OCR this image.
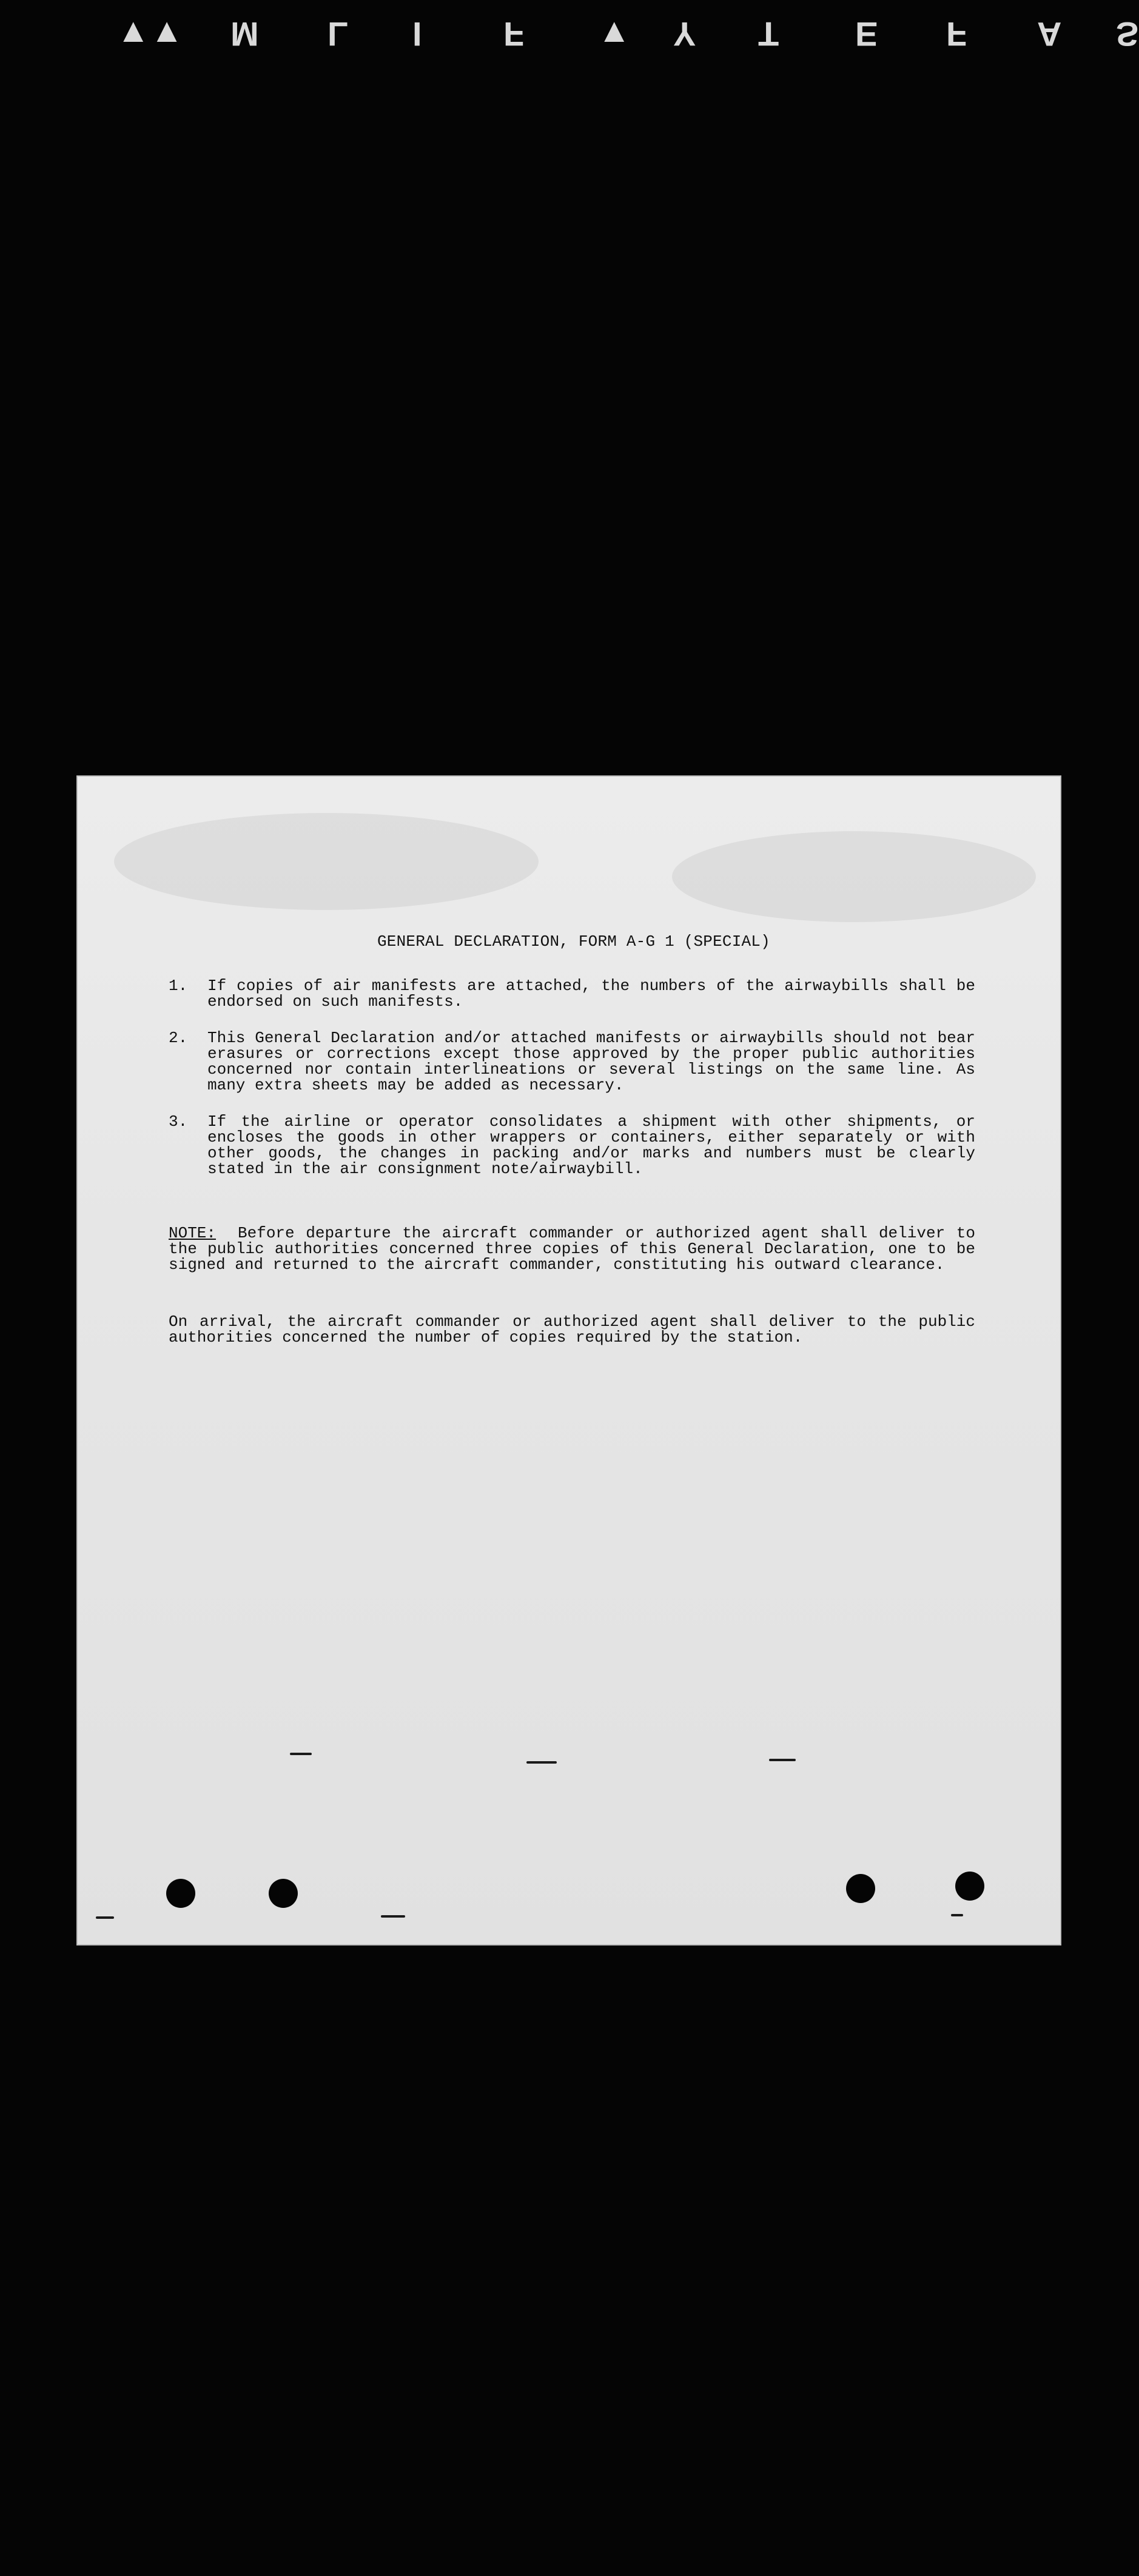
▼▼ M L I F ▼ Y T E F A S
GENERAL DECLARATION, FORM A-G 1 (SPECIAL)
1.	If copies of air manifests are attached, the numbers of the airwaybills shall be endorsed on such manifests.
2.	This General Declaration and/or attached manifests or airwaybills should not bear erasures or corrections except those approved by the proper public authorities concerned nor contain interlineations or several listings on the same line. As many extra sheets may be added as necessary.
3.	If the airline or operator consolidates a shipment with other shipments, or encloses the goods in other wrappers or containers, either separately or with other goods, the changes in packing and/or marks and numbers must be clearly stated in the air consignment note/airwaybill.
NOTE: Before departure the aircraft commander or authorized agent shall deliver to the public authorities concerned three copies of this General Declaration, one to be signed and returned to the aircraft commander, constituting his outward clearance.
On arrival, the aircraft commander or authorized agent shall deliver to the public authorities concerned the number of copies required by the station.
